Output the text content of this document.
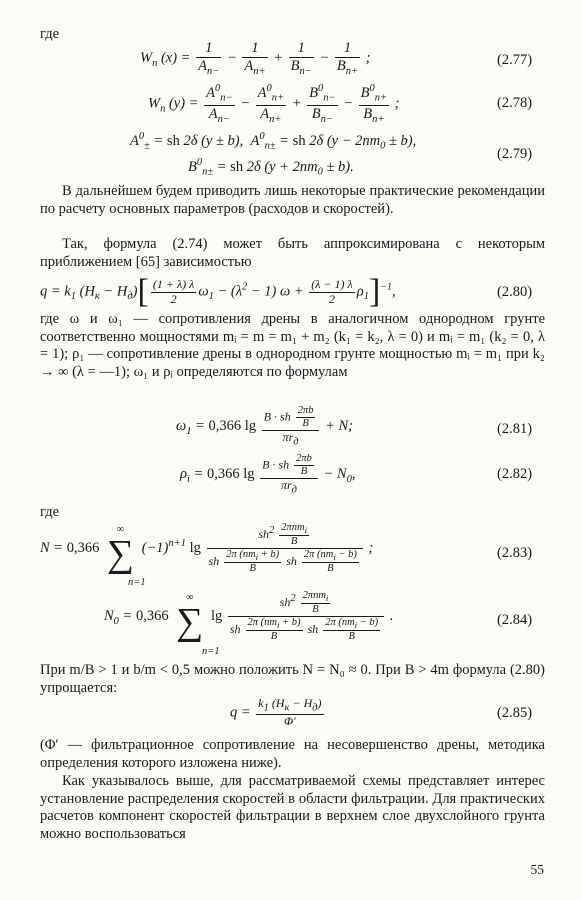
где
$W_n$ $(x) = \frac{1}{A_{n-}} - \frac{1}{A_{n+}} + \frac{1}{B_{n-}} - \frac{1}{B_{n+}}$ ;	(2.77)
$W_n$ $(y) = \frac{A^0_{n-}}{A_{n-}} - \frac{A^0_{n+}}{A_{n+}} + \frac{B^0_{n-}}{B_{n-}} - \frac{B^0_{n+}}{B_{n+}}$ ;	(2.78)
$A^0_\pm$ = sh 2δ (y ± b),  $A^0_{n\pm}$ = sh 2δ $(y - 2nm_0 \pm b)$,
$B^0_{n\pm}$ = sh 2δ $(y + 2nm_0 \pm b)$.
(2.79)
В дальнейшем будем приводить лишь некоторые практические рекомендации по расчету основных параметров (расходов и скоростей).
Так, формула (2.74) может быть аппроксимирована с некоторым приближением [65] зависимостью
$q = k_1$ $(H_к - H_д)[ \frac{(1 + \lambda) \lambda}{2} \omega_1 - (\lambda^2 - 1) \omega + \frac{(\lambda - 1) \lambda}{2} \rho_1]^{-1}$,	(2.80)
где ω и ω₁ — сопротивления дрены в аналогичном однородном грунте соответственно мощностями mᵢ = m = m₁ + m₂ (k₁ = k₂, λ = 0) и mᵢ = m₁ (k₂ = 0, λ = 1); ρ₁ — сопротивление дрены в однородном грунте мощностью mᵢ = m₁ при k₂ → ∞ (λ = —1); ω₁ и ρᵢ определяются по формулам
$\omega_1 = 0,366$ $\lg \frac{B \cdot sh \frac{2\pi b}{B}}{\pi r_д} + N$;	(2.81)
$\rho_i = 0,366$ $\lg \frac{B \cdot sh \frac{2\pi b}{B}}{\pi r_д} - N_0$,	(2.82)
где
N = 0,366
∞
∑ $(-1)^{n+1}$ $\lg \frac{sh^2 \frac{2\pi nm_i}{B}}{sh \frac{2\pi (nm_i + b)}{B} sh \frac{2\pi (nm_i - b)}{B}}$ ;
n=1
(2.83)
$N_0 = 0,366$
∞
∑ $\lg \frac{sh^2 \frac{2\pi nm_i}{B}}{sh \frac{2\pi (nm_i + b)}{B} sh \frac{2\pi (nm_i - b)}{B}}$ .
n=1
(2.84)
При m/B > 1 и b/m < 0,5 можно положить N = N₀ ≈ 0. При B > 4m формула (2.80) упрощается:
$q = \frac{k_1 (H_к - H_д)}{\Phi'}$	(2.85)
(Φ′ — фильтрационное сопротивление на несовершенство дрены, методика определения которого изложена ниже).
Как указывалось выше, для рассматриваемой схемы представляет интерес установление распределения скоростей в области фильтрации. Для практических расчетов компонент скоростей фильтрации в верхнем слое двухслойного грунта можно воспользоваться
55
